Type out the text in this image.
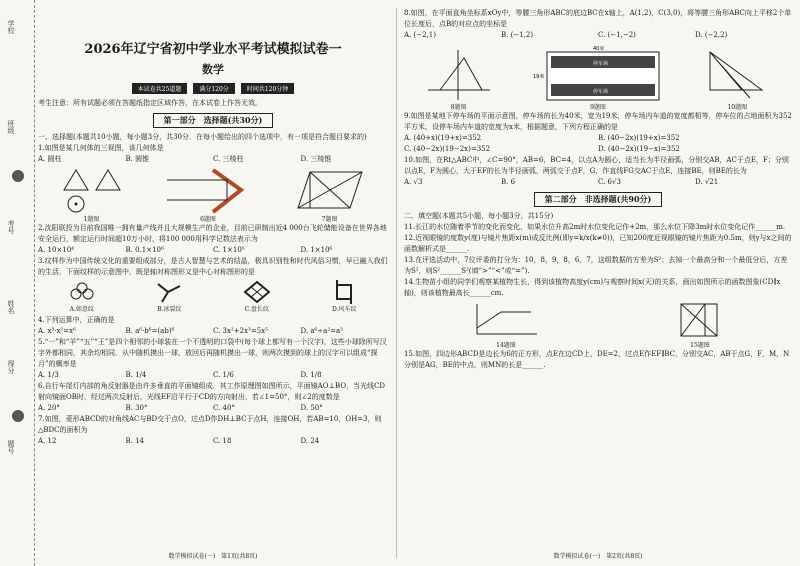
学校
姓名
班级
考号
得分
题号
2026年辽宁省初中学业水平考试模拟试卷一
数学
本试卷共25道题	满分120分	时间共120分钟

考生注意：所有试题必须在答题纸指定区域作答，在本试卷上作答无效。

第一部分　选择题(共30分)

一、选择题(本题共10小题，每小题3分，共30分．在每小题给出的四个选项中，有一项是符合题目要求的)

1.如图是某几何体的三视图，该几何体是

A. 圆柱	B. 圆锥	C. 三棱柱	D. 三棱锥
1题图	6题图	7题图

2.沈阳联投为目前我国唯一拥有量产线并且大规模生产的企业，目前已研制出近4 000台飞轮储能设备在世界各地安全运行，额定运行时间超10万小时，将100 000用科学记数法表示为

A. 10×10⁴	B. 0.1×10⁶	C. 1×10⁵	D. 1×10⁶

3.纹样作为中国传统文化的重要组成部分，是古人智慧与艺术的结晶，极具识别性和时代风俗习惯，早已融入我们的生活．下面纹样的示意图中，既是轴对称图形又是中心对称图形的是

A.如意纹	B.冰裂纹	C.盘长纹	D.风车纹

4.下列运算中，正确的是

A. x³·x²=x⁶	B. a⁶·b⁶=(ab)⁶	C. 3x²+2x³=5x⁵	D. a⁶÷a²=a³

5.“一”和“羊”“五”“王”是四个相邻的小球装在一个不透明的口袋中(每个球上都写有一个汉字)，这些小球除所写汉字外都相同，其余均相同．从中随机摸出一球，放回后再随机摸出一球，则两次摸到的球上的汉字可以组成“探月”的概率是

A. 1/3	B. 1/4	C. 1/6	D. 1/8

6.自行车尾灯内部的角反射器是由许多垂直的平面镜组成．其工作原理图如图所示，平面镜AO⊥BO，当光线CD射向镜面OB时，经过两次反射后，光线EF沿平行于CD的方向射出，若∠1=50°，则∠2的度数是

A. 20°	B. 30°	C. 40°	D. 50°

7.如图，菱形ABCD的对角线AC与BD交于点O，过点D作DH⊥BC于点H，连接OH，若AB=10，OH=3，则△BDC的面积为

A. 12	B. 14	C. 18	D. 24
数学模拟试卷(一)　第1页(共8页)

8.如图，在平面直角坐标系xOy中，等腰三角形ABC的底边BC在x轴上，A(1,2)，C(3,0)，将等腰三角形ABC向上平移2个单位长度后，点B的对应点的坐标是

A. (−2,1)	B. (−1,2)	C. (−1,−2)	D. (−2,2)
8题图
40米
19米
停车场
停车场
9题图	10题图

9.如图是某地下停车场的平面示意图，停车场的长为40米，宽为19米，停车场内车道的宽度都相等．停车位的占地面积为352平方米，设停车场内车道的宽度为x米，根据题意，下列方程正确的是

A. (40+x)(19+x)=352	B. (40−2x)(19+x)=352
C. (40−2x)(19−2x)=352	D. (40−2x)(19−x)=352

10.如图，在Rt△ABC中，∠C=90°，AB=6，BC=4，以点A为圆心，适当长为半径画弧，分别交AB，AC于点E，F；分别以点E，F为圆心，大于EF的长为半径画弧，两弧交于点F，G，作直线FG交AC于点E，连接BE，则BE的长为

A. √3	B. 6	C. 6√3	D. √21
第二部分　非选择题(共90分)

二、填空题(本题共5小题，每小题3分，共15分)

11.长江的水位随着季节的变化而变化，如果水位升高2m时水位变化记作+2m，那么水位下降3m时水位变化记作______m.

12.近视眼镜的度数y(度)与镜片焦距x(m)成反比例(即y=k/x(k≠0))，已知200度近视眼镜的镜片焦距为0.5m，则y与x之间的函数解析式是______.

13.在评选活动中，7位评委的打分为：10，8，9，8，6，7，这组数据的方差为S²；去掉一个最高分和一个最低分后，方差为S²，则S²______S²(填“>”“<”或“=”).

14.生物苗小组的同学们观察某植物生长，得到该植物高度y(cm)与观察时间x(天)的关系，画出如图所示的函数图象(CD∥x轴)，则该植物最高长______cm.

14题图	15题图

15.如图，四边形ABCD是边长为6的正方形，点E在边CD上，DE=2，过点E作EF∥BC，分别交AC，AB于点G，F，M，N分别是AG，BE的中点，则MN的长是______.

数学模拟试卷(一)　第2页(共8页)
